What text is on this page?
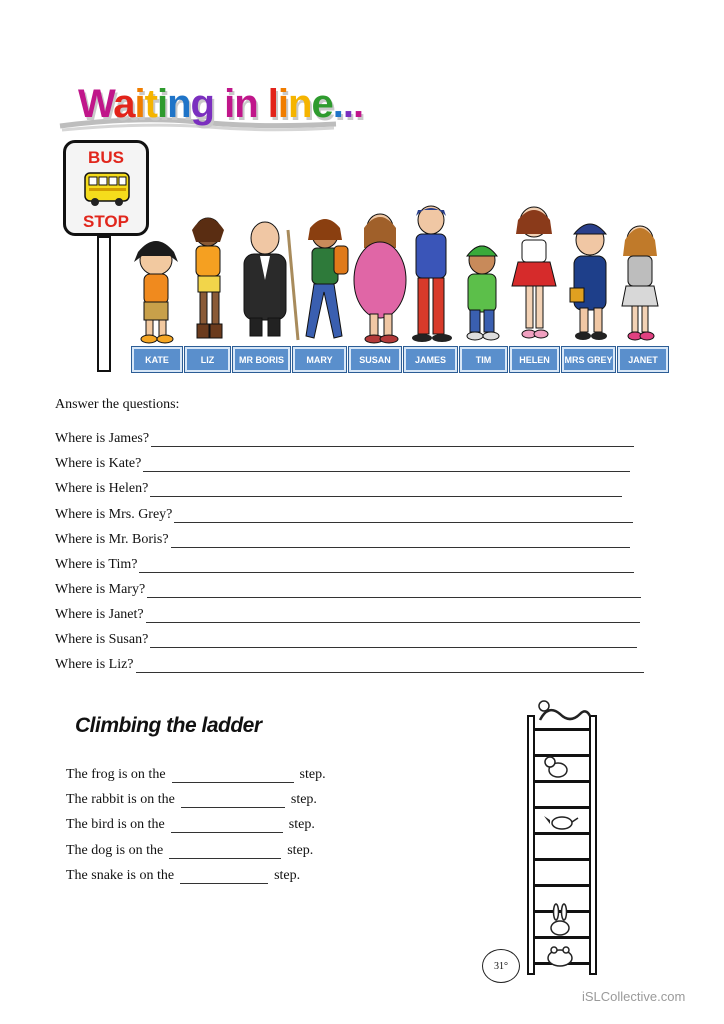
Waiting in line...
BUS
STOP
KATE	LIZ	MR BORIS	MARY	SUSAN	JAMES	TIM	HELEN	MRS GREY	JANET
Answer the questions:
Where is James?
Where is Kate?
Where is Helen?
Where is Mrs. Grey?
Where is Mr. Boris?
Where is Tim?
Where is Mary?
Where is Janet?
Where is Susan?
Where is Liz?
Climbing the ladder
The frog is on the	step.
The rabbit is on the	step.
The bird is on the	step.
The dog is on the	step.
The snake is on the	step.
31°
iSLCollective.com
